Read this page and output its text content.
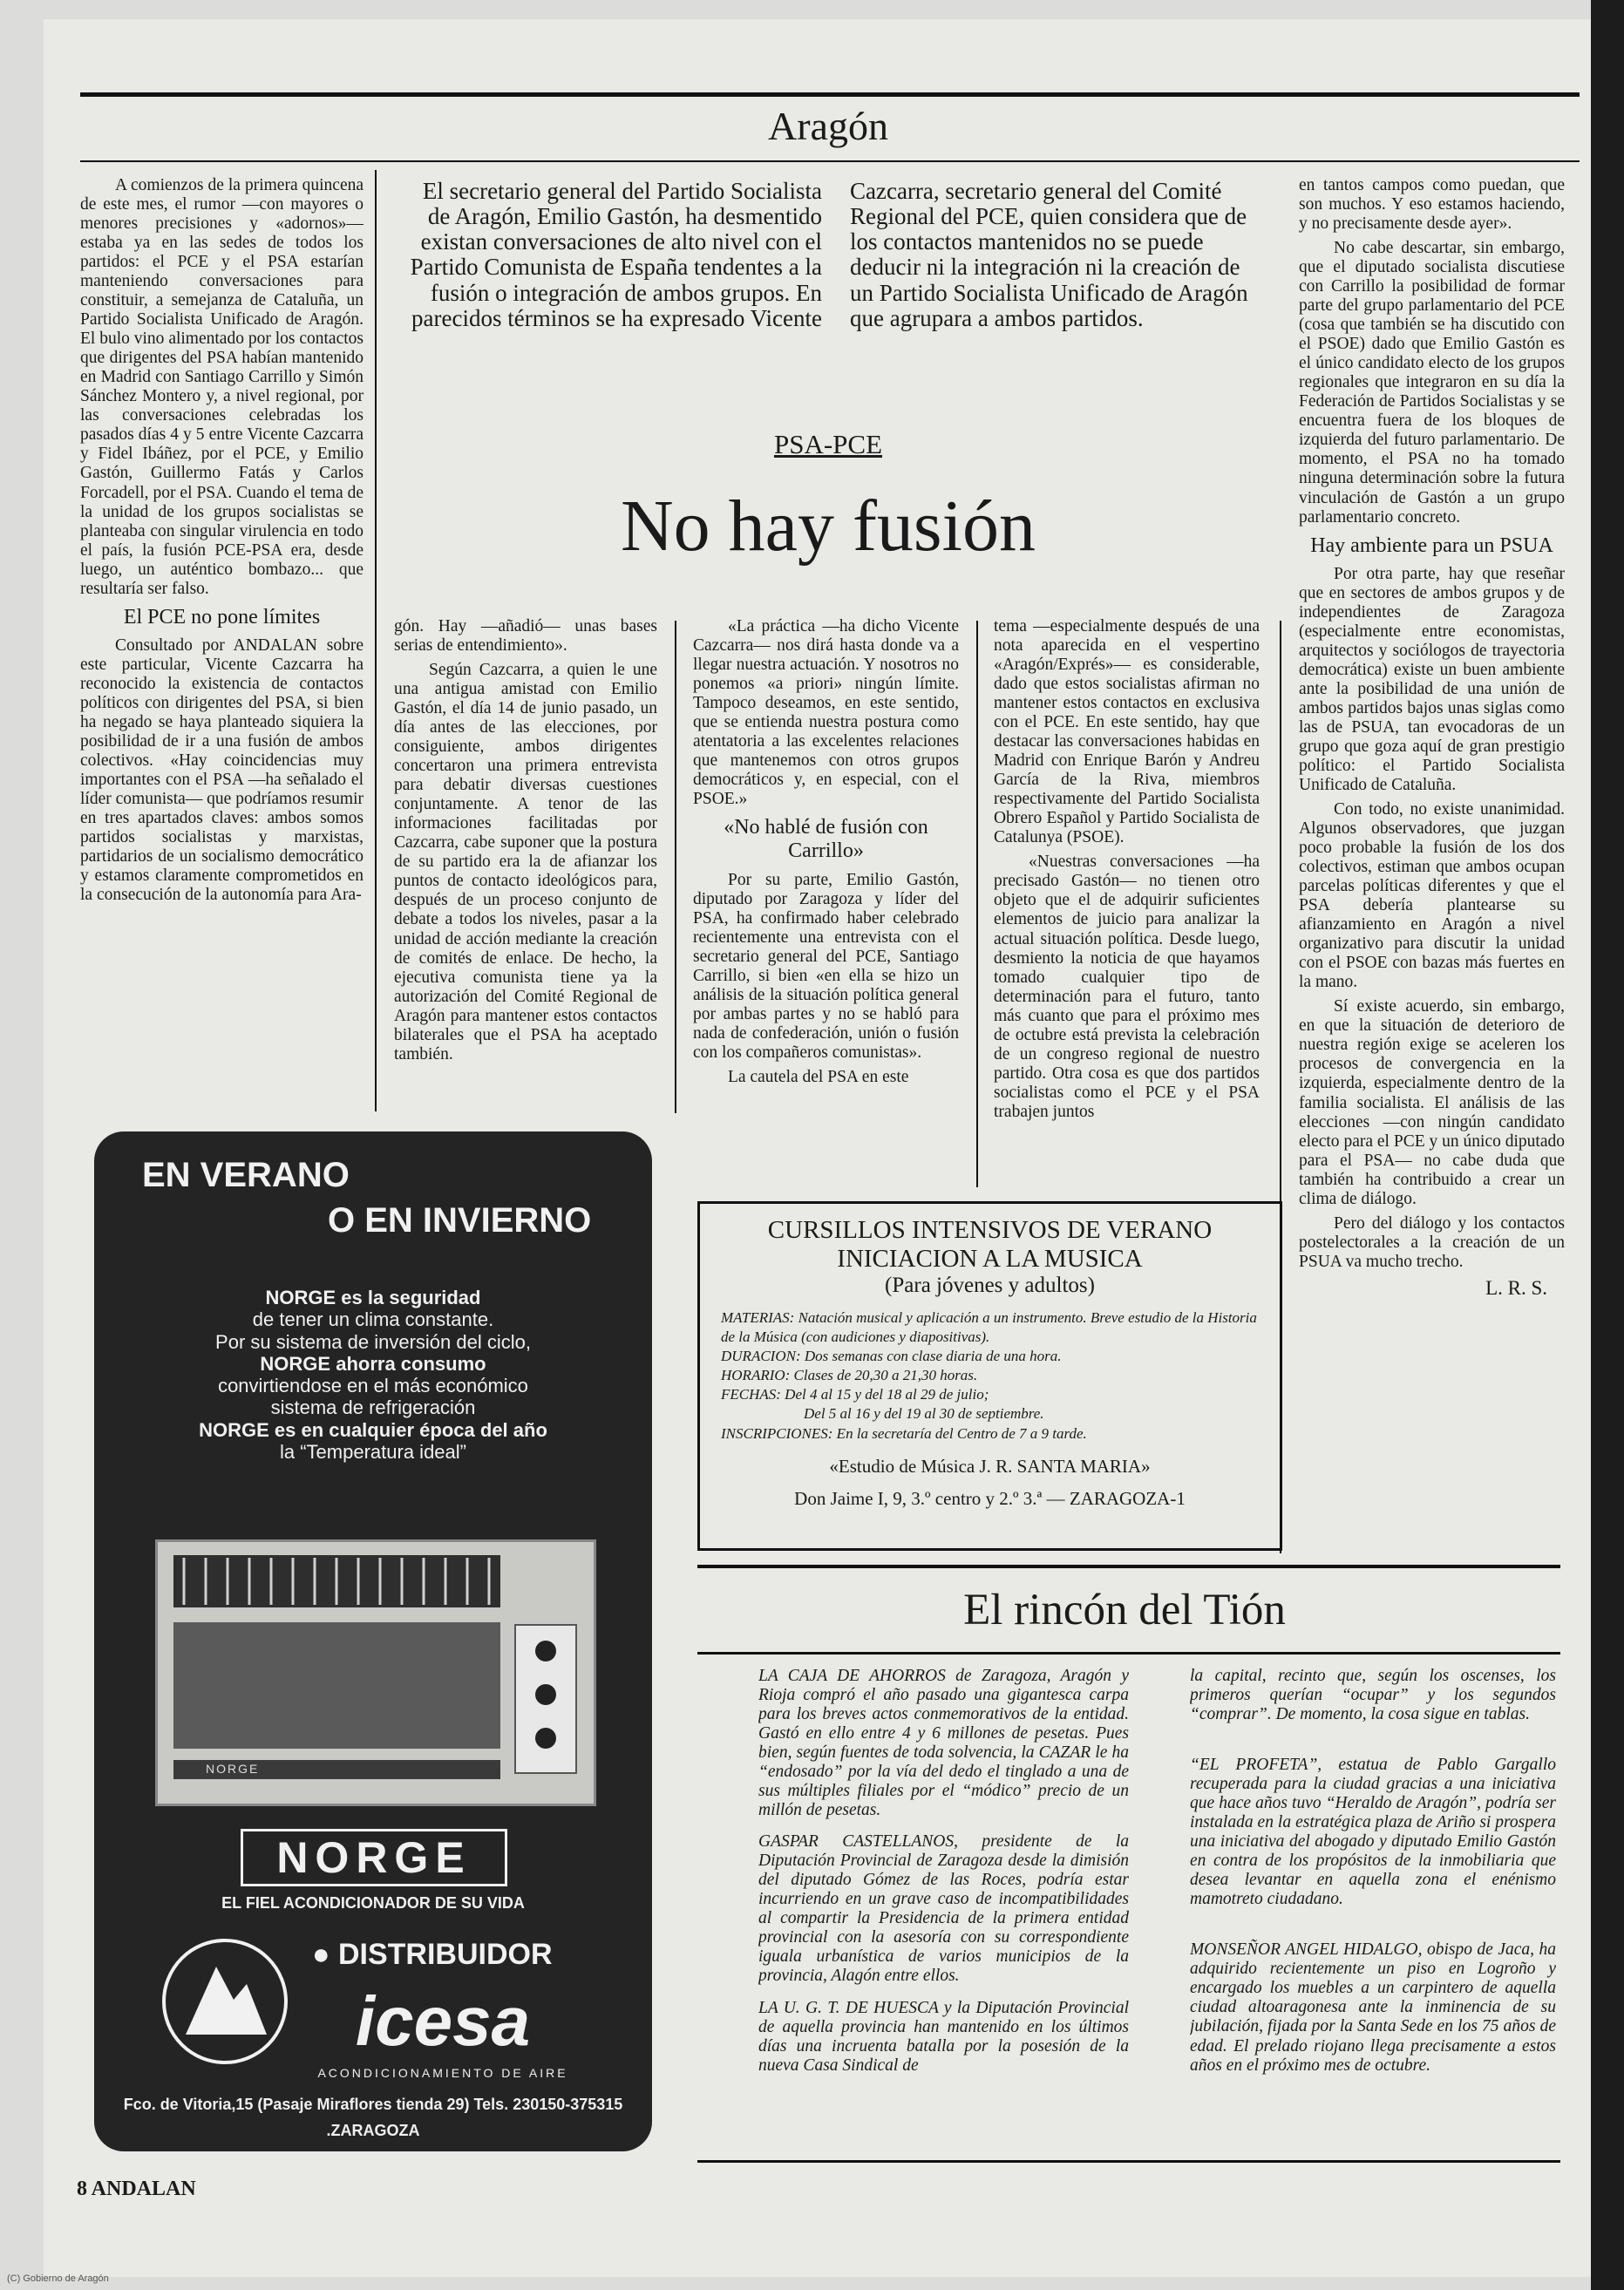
Aragón

A comienzos de la primera quincena de este mes, el rumor —con mayores o menores precisiones y «adornos»— estaba ya en las sedes de todos los partidos: el PCE y el PSA estarían manteniendo conversaciones para constituir, a semejanza de Cataluña, un Partido Socialista Unificado de Aragón. El bulo vino alimentado por los contactos que dirigentes del PSA habían mantenido en Madrid con Santiago Carrillo y Simón Sánchez Montero y, a nivel regional, por las conversaciones celebradas los pasados días 4 y 5 entre Vicente Cazcarra y Fidel Ibáñez, por el PCE, y Emilio Gastón, Guillermo Fatás y Carlos Forcadell, por el PSA. Cuando el tema de la unidad de los grupos socialistas se planteaba con singular virulencia en todo el país, la fusión PCE-PSA era, desde luego, un auténtico bombazo... que resultaría ser falso.

El PCE no pone límites

Consultado por ANDALAN sobre este particular, Vicente Cazcarra ha reconocido la existencia de contactos políticos con dirigentes del PSA, si bien ha negado se haya planteado siquiera la posibilidad de ir a una fusión de ambos colectivos. «Hay coincidencias muy importantes con el PSA —ha señalado el líder comunista— que podríamos resumir en tres apartados claves: ambos somos partidos socialistas y marxistas, partidarios de un socialismo democrático y estamos claramente comprometidos en la consecución de la autonomía para Ara-

El secretario general del Partido Socialista de Aragón, Emilio Gastón, ha desmentido existan conversaciones de alto nivel con el Partido Comunista de España tendentes a la fusión o integración de ambos grupos. En parecidos términos se ha expresado Vicente

Cazcarra, secretario general del Comité Regional del PCE, quien considera que de los contactos mantenidos no se puede deducir ni la integración ni la creación de un Partido Socialista Unificado de Aragón que agrupara a ambos partidos.

PSA-PCE
No hay fusión

gón. Hay —añadió— unas bases serias de entendimiento».

Según Cazcarra, a quien le une una antigua amistad con Emilio Gastón, el día 14 de junio pasado, un día antes de las elecciones, por consiguiente, ambos dirigentes concertaron una primera entrevista para debatir diversas cuestiones conjuntamente. A tenor de las informaciones facilitadas por Cazcarra, cabe suponer que la postura de su partido era la de afianzar los puntos de contacto ideológicos para, después de un proceso conjunto de debate a todos los niveles, pasar a la unidad de acción mediante la creación de comités de enlace. De hecho, la ejecutiva comunista tiene ya la autorización del Comité Regional de Aragón para mantener estos contactos bilaterales que el PSA ha aceptado también.

«La práctica —ha dicho Vicente Cazcarra— nos dirá hasta donde va a llegar nuestra actuación. Y nosotros no ponemos «a priori» ningún límite. Tampoco deseamos, en este sentido, que se entienda nuestra postura como atentatoria a las excelentes relaciones que mantenemos con otros grupos democráticos y, en especial, con el PSOE.»

«No hablé de fusión con Carrillo»

Por su parte, Emilio Gastón, diputado por Zaragoza y líder del PSA, ha confirmado haber celebrado recientemente una entrevista con el secretario general del PCE, Santiago Carrillo, si bien «en ella se hizo un análisis de la situación política general por ambas partes y no se habló para nada de confederación, unión o fusión con los compañeros comunistas».

La cautela del PSA en este

tema —especialmente después de una nota aparecida en el vespertino «Aragón/Exprés»— es considerable, dado que estos socialistas afirman no mantener estos contactos en exclusiva con el PCE. En este sentido, hay que destacar las conversaciones habidas en Madrid con Enrique Barón y Andreu García de la Riva, miembros respectivamente del Partido Socialista Obrero Español y Partido Socialista de Catalunya (PSOE).

«Nuestras conversaciones —ha precisado Gastón— no tienen otro objeto que el de adquirir suficientes elementos de juicio para analizar la actual situación política. Desde luego, desmiento la noticia de que hayamos tomado cualquier tipo de determinación para el futuro, tanto más cuanto que para el próximo mes de octubre está prevista la celebración de un congreso regional de nuestro partido. Otra cosa es que dos partidos socialistas como el PCE y el PSA trabajen juntos

en tantos campos como puedan, que son muchos. Y eso estamos haciendo, y no precisamente desde ayer».

No cabe descartar, sin embargo, que el diputado socialista discutiese con Carrillo la posibilidad de formar parte del grupo parlamentario del PCE (cosa que también se ha discutido con el PSOE) dado que Emilio Gastón es el único candidato electo de los grupos regionales que integraron en su día la Federación de Partidos Socialistas y se encuentra fuera de los bloques de izquierda del futuro parlamentario. De momento, el PSA no ha tomado ninguna determinación sobre la futura vinculación de Gastón a un grupo parlamentario concreto.

Hay ambiente para un PSUA

Por otra parte, hay que reseñar que en sectores de ambos grupos y de independientes de Zaragoza (especialmente entre economistas, arquitectos y sociólogos de trayectoria democrática) existe un buen ambiente ante la posibilidad de una unión de ambos partidos bajos unas siglas como las de PSUA, tan evocadoras de un grupo que goza aquí de gran prestigio político: el Partido Socialista Unificado de Cataluña.

Con todo, no existe unanimidad. Algunos observadores, que juzgan poco probable la fusión de los dos colectivos, estiman que ambos ocupan parcelas políticas diferentes y que el PSA debería plantearse su afianzamiento en Aragón a nivel organizativo para discutir la unidad con el PSOE con bazas más fuertes en la mano.

Sí existe acuerdo, sin embargo, en que la situación de deterioro de nuestra región exige se aceleren los procesos de convergencia en la izquierda, especialmente dentro de la familia socialista. El análisis de las elecciones —con ningún candidato electo para el PCE y un único diputado para el PSA— no cabe duda que también ha contribuido a crear un clima de diálogo.

Pero del diálogo y los contactos postelectorales a la creación de un PSUA va mucho trecho.

L. R. S.
EN VERANO
O EN INVIERNO
NORGE es la seguridad
de tener un clima constante.
Por su sistema de inversión del ciclo,
NORGE ahorra consumo
convirtiendose en el más económico
sistema de refrigeración
NORGE es en cualquier época del año
la “Temperatura ideal”
NORGE
NORGE
EL FIEL ACONDICIONADOR DE SU VIDA
● DISTRIBUIDOR
icesa
ACONDICIONAMIENTO DE AIRE
Fco. de Vitoria,15 (Pasaje Miraflores tienda 29) Tels. 230150-375315
.ZARAGOZA
CURSILLOS INTENSIVOS DE VERANO
INICIACION A LA MUSICA
(Para jóvenes y adultos)
MATERIAS: Natación musical y aplicación a un instrumento. Breve estudio de la Historia de la Música (con audiciones y diapositivas).
DURACION: Dos semanas con clase diaria de una hora.
HORARIO: Clases de 20,30 a 21,30 horas.
FECHAS: Del 4 al 15 y del 18 al 29 de julio;
Del 5 al 16 y del 19 al 30 de septiembre.
INSCRIPCIONES: En la secretaría del Centro de 7 a 9 tarde.
«Estudio de Música J. R. SANTA MARIA»
Don Jaime I, 9, 3.º centro y 2.º 3.ª — ZARAGOZA-1
El rincón del Tión

LA CAJA DE AHORROS de Zaragoza, Aragón y Rioja compró el año pasado una gigantesca carpa para los breves actos conmemorativos de la entidad. Gastó en ello entre 4 y 6 millones de pesetas. Pues bien, según fuentes de toda solvencia, la CAZAR le ha “endosado” por la vía del dedo el tinglado a una de sus múltiples filiales por el “módico” precio de un millón de pesetas.

GASPAR CASTELLANOS, presidente de la Diputación Provincial de Zaragoza desde la dimisión del diputado Gómez de las Roces, podría estar incurriendo en un grave caso de incompatibilidades al compartir la Presidencia de la primera entidad provincial con la asesoría con su correspondiente iguala urbanística de varios municipios de la provincia, Alagón entre ellos.

LA U. G. T. DE HUESCA y la Diputación Provincial de aquella provincia han mantenido en los últimos días una incruenta batalla por la posesión de la nueva Casa Sindical de

la capital, recinto que, según los oscenses, los primeros querían “ocupar” y los segundos “comprar”. De momento, la cosa sigue en tablas.

“EL PROFETA”, estatua de Pablo Gargallo recuperada para la ciudad gracias a una iniciativa que hace años tuvo “Heraldo de Aragón”, podría ser instalada en la estratégica plaza de Ariño si prospera una iniciativa del abogado y diputado Emilio Gastón en contra de los propósitos de la inmobiliaria que desea levantar en aquella zona el enénismo mamotreto ciudadano.

MONSEÑOR ANGEL HIDALGO, obispo de Jaca, ha adquirido recientemente un piso en Logroño y encargado los muebles a un carpintero de aquella ciudad altoaragonesa ante la inminencia de su jubilación, fijada por la Santa Sede en los 75 años de edad. El prelado riojano llega precisamente a estos años en el próximo mes de octubre.

8 ANDALAN
(C) Gobierno de Aragón
